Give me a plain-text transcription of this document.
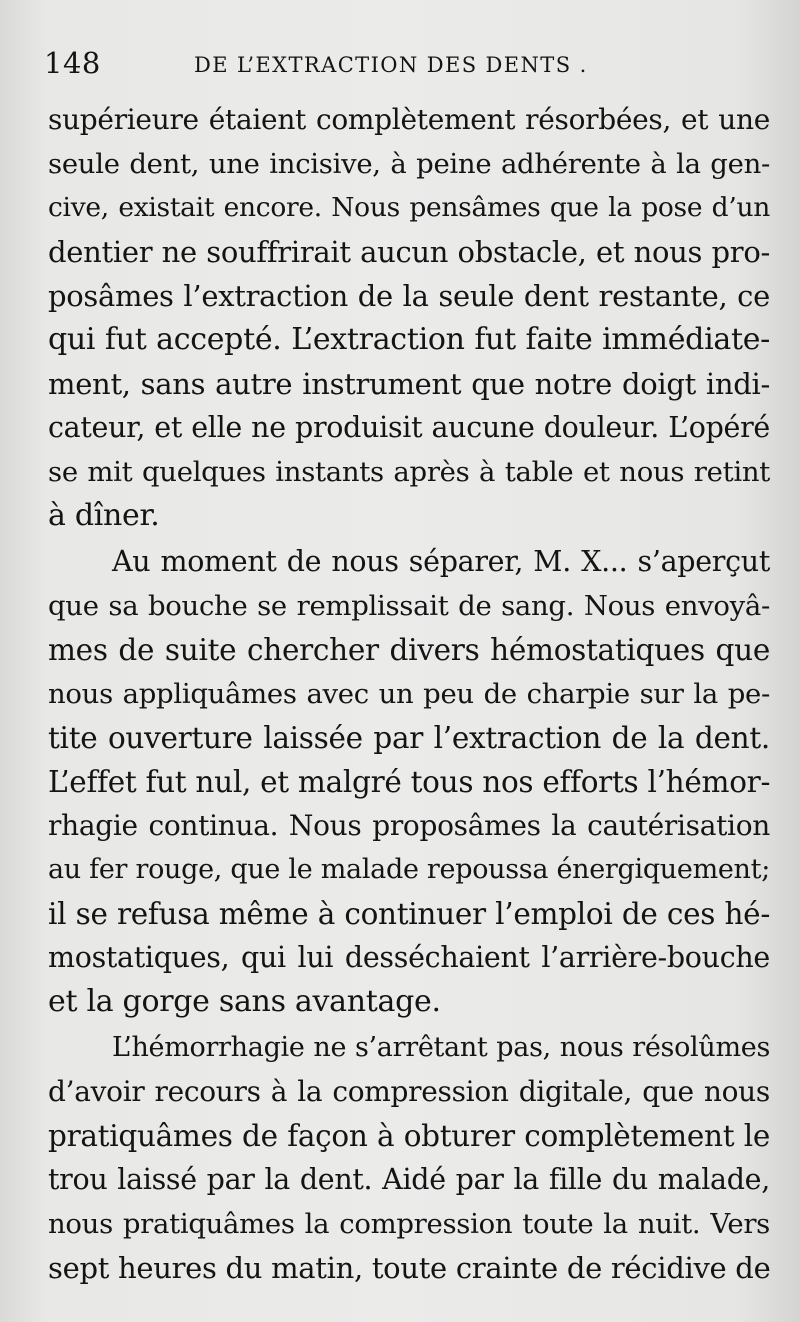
148	DE L’EXTRACTION DES DENTS .
supérieure étaient complètement résorbées, et une
seule dent, une incisive, à peine adhérente à la gen-
cive, existait encore. Nous pensâmes que la pose d’un
dentier ne souffrirait aucun obstacle, et nous pro-
posâmes l’extraction de la seule dent restante, ce
qui fut accepté. L’extraction fut faite immédiate-
ment, sans autre instrument que notre doigt indi-
cateur, et elle ne produisit aucune douleur. L’opéré
se mit quelques instants après à table et nous retint
à dîner.
Au moment de nous séparer, M. X... s’aperçut
que sa bouche se remplissait de sang. Nous envoyâ-
mes de suite chercher divers hémostatiques que
nous appliquâmes avec un peu de charpie sur la pe-
tite ouverture laissée par l’extraction de la dent.
L’effet fut nul, et malgré tous nos efforts l’hémor-
rhagie continua. Nous proposâmes la cautérisation
au fer rouge, que le malade repoussa énergiquement;
il se refusa même à continuer l’emploi de ces hé-
mostatiques, qui lui desséchaient l’arrière-bouche
et la gorge sans avantage.
L’hémorrhagie ne s’arrêtant pas, nous résolûmes
d’avoir recours à la compression digitale, que nous
pratiquâmes de façon à obturer complètement le
trou laissé par la dent. Aidé par la fille du malade,
nous pratiquâmes la compression toute la nuit. Vers
sept heures du matin, toute crainte de récidive de
